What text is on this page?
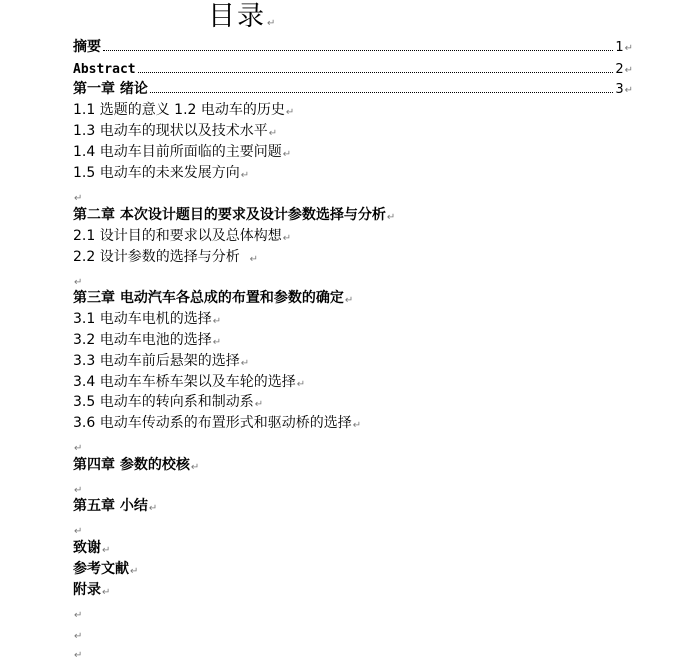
目录↵
摘要	1 ↵
Abstract	2 ↵
第一章 绪论	3 ↵
1.1 选题的意义 1.2 电动车的历史↵
1.3 电动车的现状以及技术水平↵
1.4 电动车目前所面临的主要问题↵
1.5 电动车的未来发展方向↵
↵
第二章 本次设计题目的要求及设计参数选择与分析↵
2.1 设计目的和要求以及总体构想↵
2.2 设计参数的选择与分析 ↵
↵
第三章 电动汽车各总成的布置和参数的确定↵
3.1 电动车电机的选择↵
3.2 电动车电池的选择↵
3.3 电动车前后悬架的选择↵
3.4 电动车车桥车架以及车轮的选择↵
3.5 电动车的转向系和制动系↵
3.6 电动车传动系的布置形式和驱动桥的选择↵
↵
第四章 参数的校核↵
↵
第五章 小结↵
↵
致谢↵
参考文献↵
附录↵
↵
↵
↵
